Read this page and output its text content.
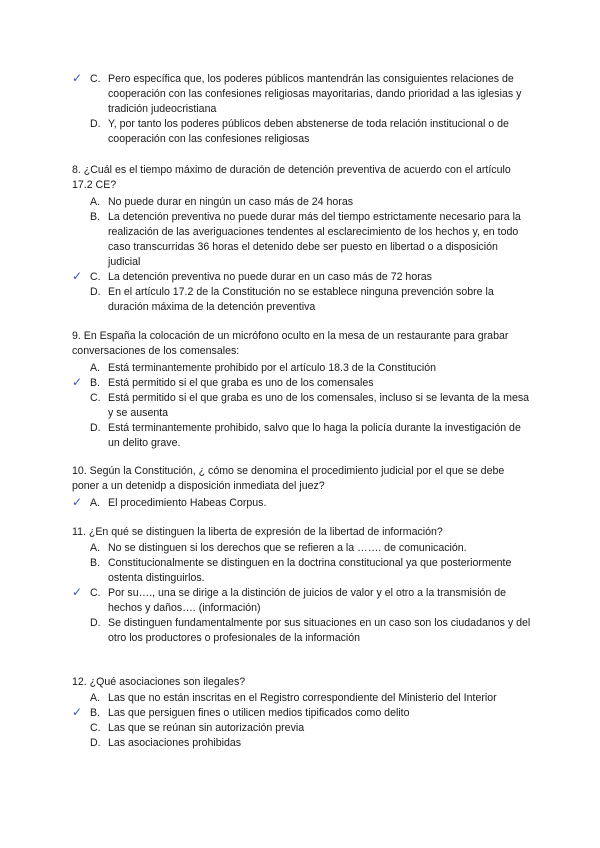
✓ C. Pero específica que, los poderes públicos mantendrán las consiguientes relaciones de cooperación con las confesiones religiosas mayoritarias, dando prioridad a las iglesias y tradición judeocristiana
D. Y, por tanto los poderes públicos deben abstenerse de toda relación institucional o de cooperación con las confesiones religiosas
8. ¿Cuál es el tiempo máximo de duración de detención preventiva de acuerdo con el artículo 17.2 CE?
A. No puede durar en ningún un caso más de 24 horas
B. La detención preventiva no puede durar más del tiempo estrictamente necesario para la realización de las averiguaciones tendentes al esclarecimiento de los hechos y, en todo caso transcurridas 36 horas el detenido debe ser puesto en libertad o a disposición judicial
✓ C. La detención preventiva no puede durar en un caso más de 72 horas
D. En el artículo 17.2 de la Constitución no se establece ninguna prevención sobre la duración máxima de la detención preventiva
9. En España la colocación de un micrófono oculto en la mesa de un restaurante para grabar conversaciones de los comensales:
A. Está terminantemente prohibido por el artículo 18.3 de la Constitución
✓ B. Está permitido si el que graba es uno de los comensales
C. Está permitido si el que graba es uno de los comensales, incluso si se levanta de la mesa y se ausenta
D. Está terminantemente prohibido, salvo que lo haga la policía durante la investigación de un delito grave.
10. Según la Constitución, ¿ cómo se denomina el procedimiento judicial por el que se debe poner a un detenidp a disposición inmediata del juez?
✓ A. El procedimiento Habeas Corpus.
11. ¿En qué se distinguen la liberta de expresión de la libertad de información?
A. No se distinguen si los derechos que se refieren a la ……. de comunicación.
B. Constitucionalmente se distinguen en la doctrina constitucional ya que posteriormente ostenta distinguirlos.
✓ C. Por su…., una se dirige a la distinción de juicios de valor y el otro a la transmisión de hechos y daños…. (información)
D. Se distinguen fundamentalmente por sus situaciones en un caso son los ciudadanos y del otro los productores o profesionales de la información
12. ¿Qué asociaciones son ilegales?
A. Las que no están inscritas en el Registro correspondiente del Ministerio del Interior
✓ B. Las que persiguen fines o utilicen medios tipificados como delito
C. Las que se reúnan sin autorización previa
D. Las asociaciones prohibidas
